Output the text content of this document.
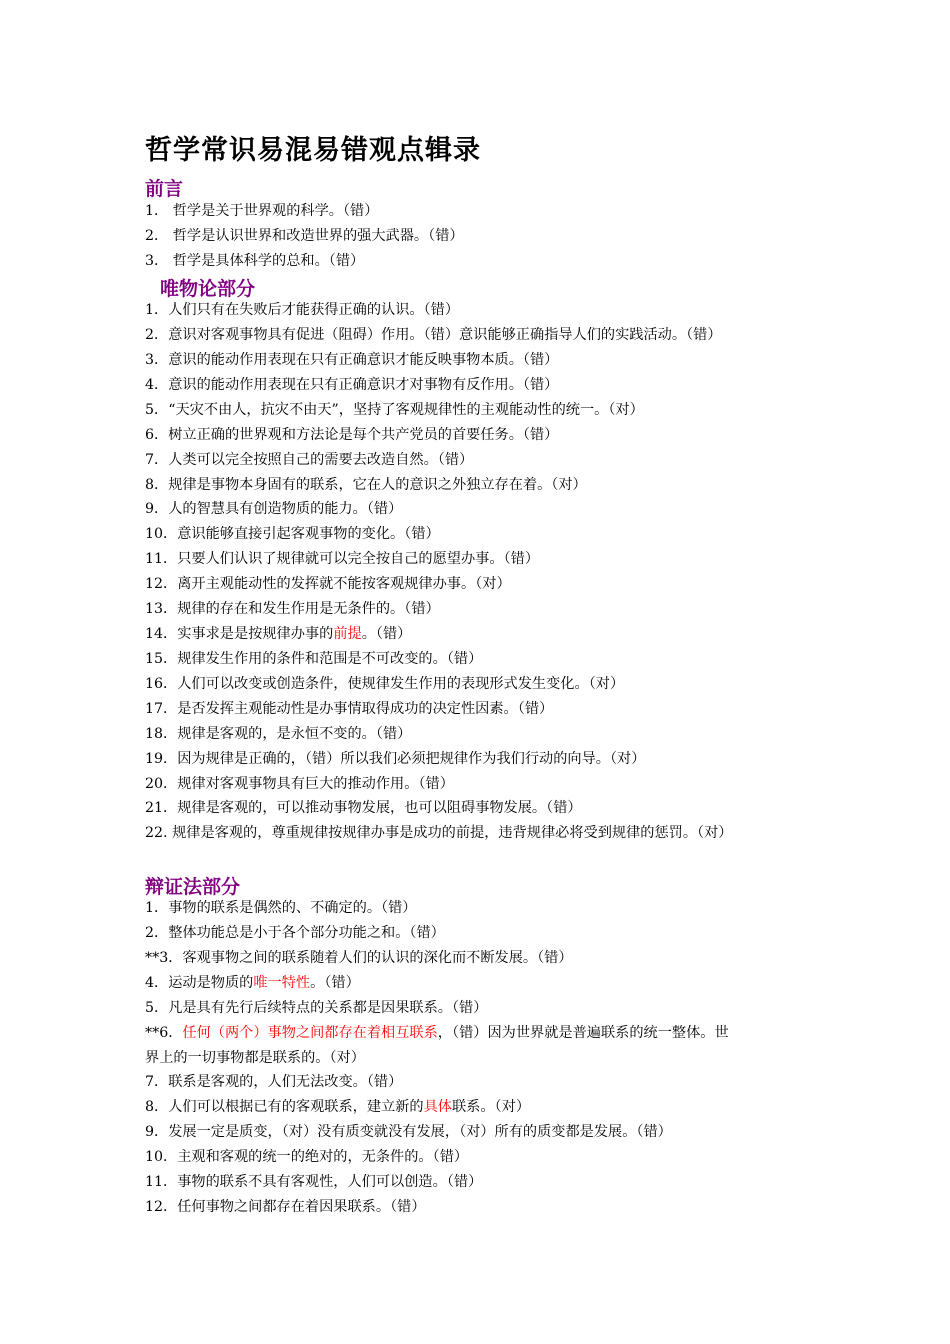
哲学常识易混易错观点辑录
前言
1． 哲学是关于世界观的科学。（错）
2． 哲学是认识世界和改造世界的强大武器。（错）
3． 哲学是具体科学的总和。（错）
唯物论部分
1．人们只有在失败后才能获得正确的认识。（错）
2．意识对客观事物具有促进（阻碍）作用。（错）意识能够正确指导人们的实践活动。（错）
3．意识的能动作用表现在只有正确意识才能反映事物本质。（错）
4．意识的能动作用表现在只有正确意识才对事物有反作用。（错）
5．“天灾不由人，抗灾不由天”，坚持了客观规律性的主观能动性的统一。（对）
6．树立正确的世界观和方法论是每个共产党员的首要任务。（错）
7．人类可以完全按照自己的需要去改造自然。（错）
8．规律是事物本身固有的联系，它在人的意识之外独立存在着。（对）
9．人的智慧具有创造物质的能力。（错）
10．意识能够直接引起客观事物的变化。（错）
11．只要人们认识了规律就可以完全按自己的愿望办事。（错）
12．离开主观能动性的发挥就不能按客观规律办事。（对）
13．规律的存在和发生作用是无条件的。（错）
14．实事求是是按规律办事的前提。（错）
15．规律发生作用的条件和范围是不可改变的。（错）
16．人们可以改变或创造条件，使规律发生作用的表现形式发生变化。（对）
17．是否发挥主观能动性是办事情取得成功的决定性因素。（错）
18．规律是客观的，是永恒不变的。（错）
19．因为规律是正确的，（错）所以我们必须把规律作为我们行动的向导。（对）
20．规律对客观事物具有巨大的推动作用。（错）
21．规律是客观的，可以推动事物发展，也可以阻碍事物发展。（错）
22. 规律是客观的，尊重规律按规律办事是成功的前提，违背规律必将受到规律的惩罚。（对）
辩证法部分
1．事物的联系是偶然的、不确定的。（错）
2．整体功能总是小于各个部分功能之和。（错）
**3．客观事物之间的联系随着人们的认识的深化而不断发展。（错）
4．运动是物质的唯一特性。（错）
5．凡是具有先行后续特点的关系都是因果联系。（错）
**6．任何（两个）事物之间都存在着相互联系，（错）因为世界就是普遍联系的统一整体。世
界上的一切事物都是联系的。（对）
7．联系是客观的，人们无法改变。（错）
8．人们可以根据已有的客观联系，建立新的具体联系。（对）
9．发展一定是质变，（对）没有质变就没有发展，（对）所有的质变都是发展。（错）
10．主观和客观的统一的绝对的，无条件的。（错）
11．事物的联系不具有客观性，人们可以创造。（错）
12．任何事物之间都存在着因果联系。（错）
